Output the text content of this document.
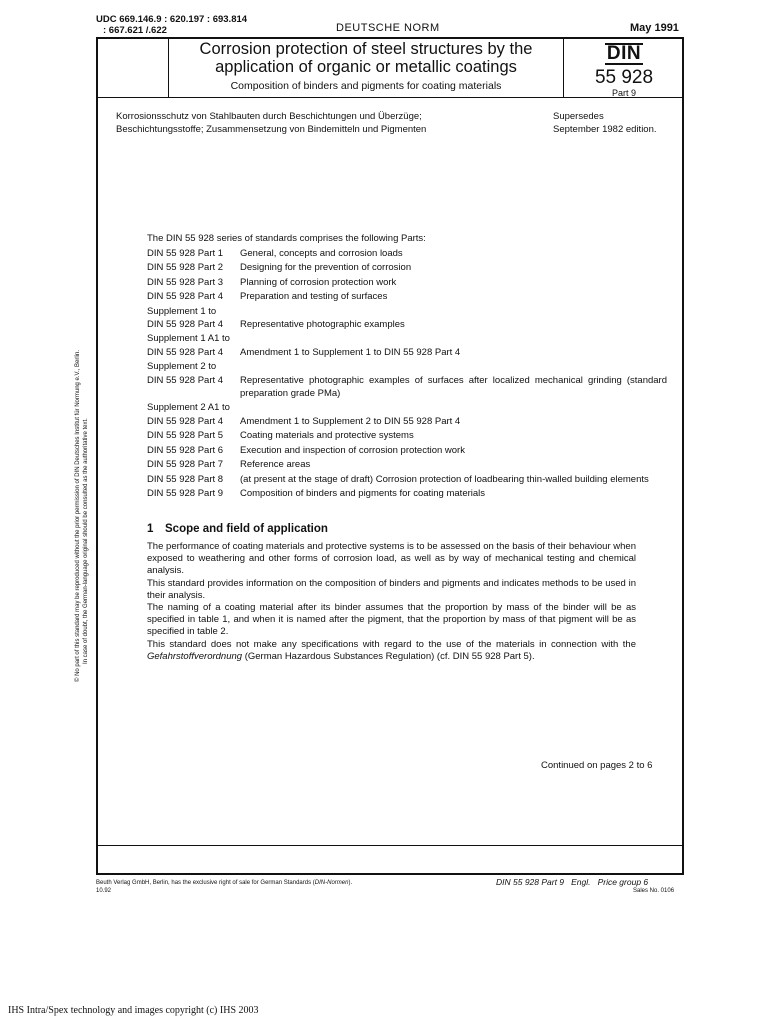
UDC 669.146.9 : 620.197 : 693.814
: 667.621 /.622	DEUTSCHE NORM	May 1991
Corrosion protection of steel structures by the
application of organic or metallic coatings
Composition of binders and pigments for coating materials
DIN
55 928
Part 9
Korrosionsschutz von Stahlbauten durch Beschichtungen und Überzüge;
Beschichtungsstoffe; Zusammensetzung von Bindemitteln und Pigmenten
Supersedes
September 1982 edition.
The DIN 55 928 series of standards comprises the following Parts:
DIN 55 928 Part 1	General, concepts and corrosion loads
DIN 55 928 Part 2	Designing for the prevention of corrosion
DIN 55 928 Part 3	Planning of corrosion protection work
DIN 55 928 Part 4	Preparation and testing of surfaces
Supplement 1 to
DIN 55 928 Part 4	Representative photographic examples
Supplement 1 A1 to
DIN 55 928 Part 4	Amendment 1 to Supplement 1 to DIN 55 928 Part 4
Supplement 2 to
DIN 55 928 Part 4	Representative photographic examples of surfaces after localized mechanical grinding (standard preparation grade PMa)
Supplement 2 A1 to
DIN 55 928 Part 4	Amendment 1 to Supplement 2 to DIN 55 928 Part 4
DIN 55 928 Part 5	Coating materials and protective systems
DIN 55 928 Part 6	Execution and inspection of corrosion protection work
DIN 55 928 Part 7	Reference areas
DIN 55 928 Part 8	(at present at the stage of draft) Corrosion protection of loadbearing thin-walled building elements
DIN 55 928 Part 9	Composition of binders and pigments for coating materials
1 Scope and field of application

The performance of coating materials and protective systems is to be assessed on the basis of their behaviour when exposed to weathering and other forms of corrosion load, as well as by way of mechanical testing and chemical analysis.

This standard provides information on the composition of binders and pigments and indicates methods to be used in their analysis.

The naming of a coating material after its binder assumes that the proportion by mass of the binder will be as specified in table 1, and when it is named after the pigment, that the proportion by mass of that pigment will be as specified in table 2.

This standard does not make any specifications with regard to the use of the materials in connection with the Gefahrstoffverordnung (German Hazardous Substances Regulation) (cf. DIN 55 928 Part 5).

Continued on pages 2 to 6
Beuth Verlag GmbH, Berlin, has the exclusive right of sale for German Standards (DIN-Normen).
10.92
DIN 55 928 Part 9   Engl.   Price group 6
Sales No. 0106
© No part of this standard may be reproduced without the prior permission of DIN Deutsches Institut für Normung e.V., Berlin. In case of doubt, the German-language original should be consulted as the authoritative text.
IHS Intra/Spex technology and images copyright (c) IHS 2003
